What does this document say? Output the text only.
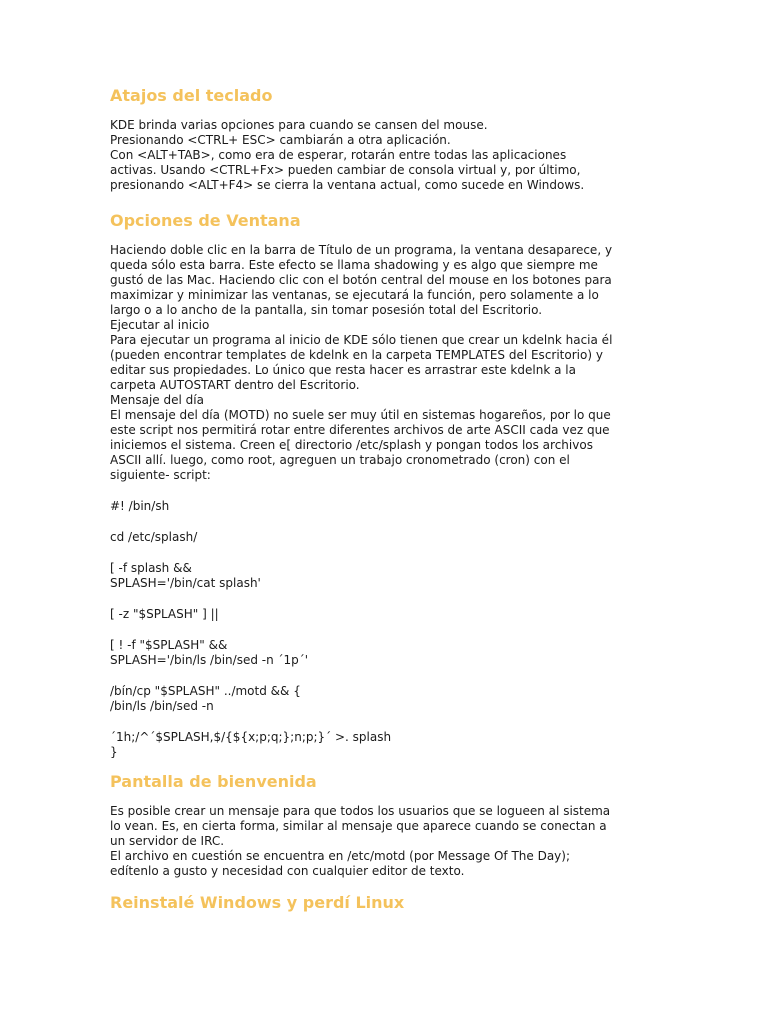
Atajos del teclado

KDE brinda varias opciones para cuando se cansen del mouse.

Presionando <CTRL+ ESC> cambiarán a otra aplicación.

Con <ALT+TAB>, como era de esperar, rotarán entre todas las aplicaciones

activas. Usando <CTRL+Fx> pueden cambiar de consola virtual y, por último,

presionando <ALT+F4> se cierra la ventana actual, como sucede en Windows.

Opciones de Ventana

Haciendo doble clic en la barra de Título de un programa, la ventana desaparece, y

queda sólo esta barra. Este efecto se llama shadowing y es algo que siempre me

gustó de las Mac. Haciendo clic con el botón central del mouse en los botones para

maximizar y minimizar las ventanas, se ejecutará la función, pero solamente a lo

largo o a lo ancho de la pantalla, sin tomar posesión total del Escritorio.

Ejecutar al inicio

Para ejecutar un programa al inicio de KDE sólo tienen que crear un kdelnk hacia él

(pueden encontrar templates de kdelnk en la carpeta TEMPLATES del Escritorio) y

editar sus propiedades. Lo único que resta hacer es arrastrar este kdelnk a la

carpeta AUTOSTART dentro del Escritorio.

Mensaje del día

El mensaje del día (MOTD) no suele ser muy útil en sistemas hogareños, por lo que

este script nos permitirá rotar entre diferentes archivos de arte ASCII cada vez que

iniciemos el sistema. Creen e[ directorio /etc/splash y pongan todos los archivos

ASCII allí. luego, como root, agreguen un trabajo cronometrado (cron) con el

siguiente- script:

#! /bin/sh

cd /etc/splash/

[ -f splash &&

SPLASH='/bin/cat splash'

[ -z "$SPLASH" ] ||

[ ! -f "$SPLASH" &&

SPLASH='/bin/ls /bin/sed -n ´1p´'

/bín/cp "$SPLASH" ../motd && {

/bin/ls /bin/sed -n

´1h;/^´$SPLASH,$/{${x;p;q;};n;p;}´ >. splash

}

Pantalla de bienvenida

Es posible crear un mensaje para que todos los usuarios que se logueen al sistema

lo vean. Es, en cierta forma, similar al mensaje que aparece cuando se conectan a

un servidor de IRC.

El archivo en cuestión se encuentra en /etc/motd (por Message Of The Day);

edítenlo a gusto y necesidad con cualquier editor de texto.

Reinstalé Windows y perdí Linux
